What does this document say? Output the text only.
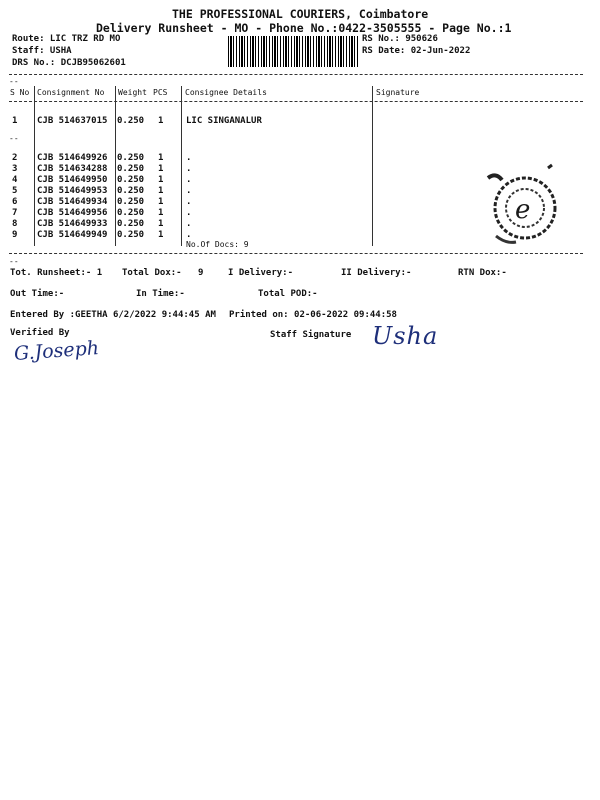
THE PROFESSIONAL COURIERS, Coimbatore
Delivery Runsheet - MO - Phone No.:0422-3505555 - Page No.:1
Route: LIC TRZ RD MO
Staff: USHA
DRS No.: DCJB95062601
RS No.: 950626
RS Date: 02-Jun-2022
--
S No Consignment No Weight PCS Consignee Details	Signature
1 CJB 514637015 0.250 1	LIC SINGANALUR
--
2 CJB 514649926 0.250 1	.
3 CJB 514634288 0.250 1	.
4 CJB 514649950 0.250 1	.
5 CJB 514649953 0.250 1	.
6 CJB 514649934 0.250 1	.
7 CJB 514649956 0.250 1	.
8 CJB 514649933 0.250 1	.
9 CJB 514649949 0.250 1	.
No.Of Docs: 9
e
--
Tot. Runsheet:- 1 Total Dox:- 9	I Delivery:-	II Delivery:-	RTN Dox:-
Out Time:-	In Time:-	Total POD:-
Entered By :GEETHA 6/2/2022 9:44:45 AM Printed on: 02-06-2022 09:44:58
Verified By	Staff Signature
G.Joseph
Usha
